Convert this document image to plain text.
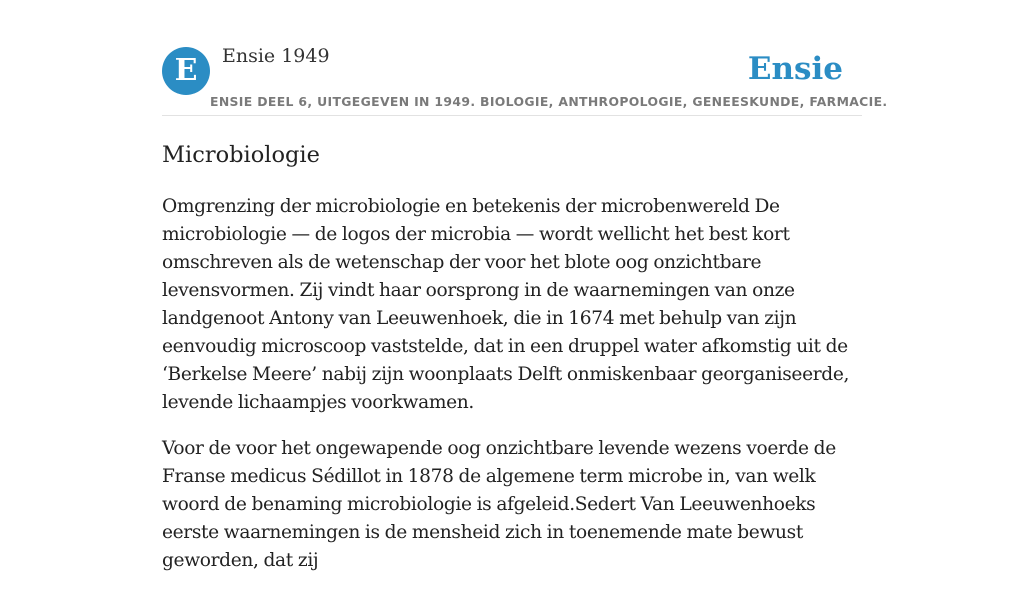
E	Ensie 1949	Ensie
ENSIE DEEL 6, UITGEGEVEN IN 1949. BIOLOGIE, ANTHROPOLOGIE, GENEESKUNDE, FARMACIE.
Microbiologie

Omgrenzing der microbiologie en betekenis der microbenwereld De microbiologie — de logos der microbia — wordt wellicht het best kort omschreven als de wetenschap der voor het blote oog onzichtbare levensvormen. Zij vindt haar oorsprong in de waarnemingen van onze landgenoot Antony van Leeuwenhoek, die in 1674 met behulp van zijn eenvoudig microscoop vaststelde, dat in een druppel water afkomstig uit de ‘Berkelse Meere’ nabij zijn woonplaats Delft onmiskenbaar georganiseerde, levende lichaampjes voorkwamen.

Voor de voor het ongewapende oog onzichtbare levende wezens voerde de Franse medicus Sédillot in 1878 de algemene term microbe in, van welk woord de benaming microbiologie is afgeleid.Sedert Van Leeuwenhoeks eerste waarnemingen is de mensheid zich in toenemende mate bewust geworden, dat zij
